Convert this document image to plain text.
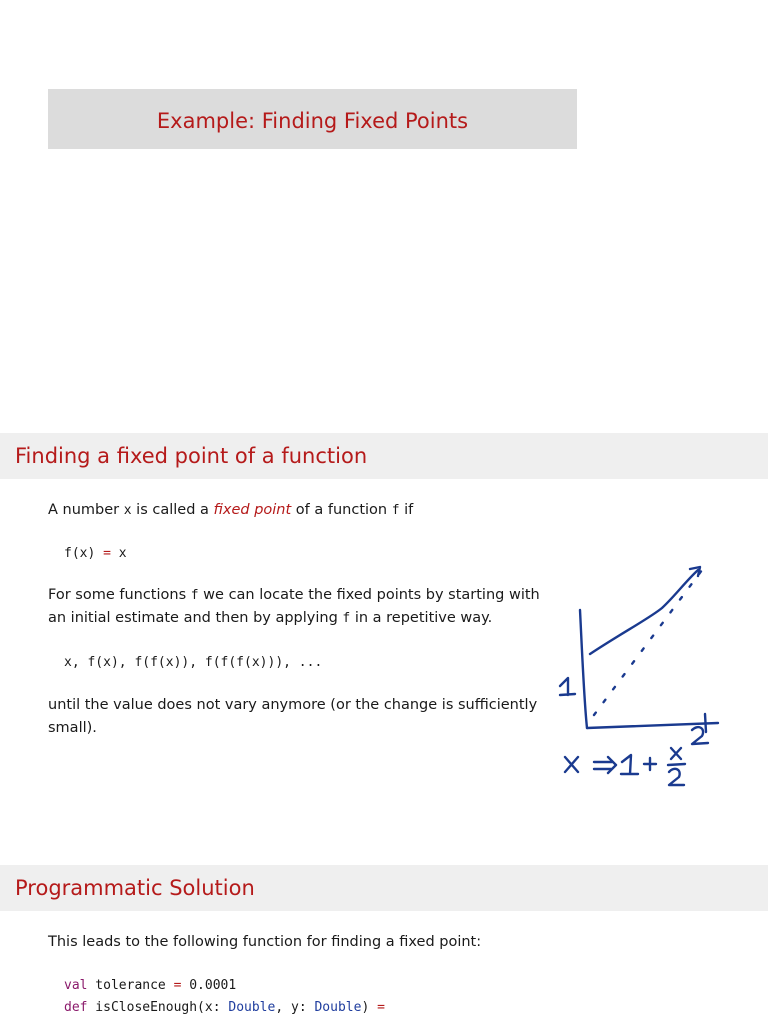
Example: Finding Fixed Points
Finding a fixed point of a function
A number x is called a fixed point of a function f if
f(x) = x
For some functions f we can locate the fixed points by starting with
an initial estimate and then by applying f in a repetitive way.
x, f(x), f(f(x)), f(f(f(x))), ...
until the value does not vary anymore (or the change is sufficiently
small).
Programmatic Solution
This leads to the following function for finding a fixed point:
val tolerance = 0.0001
def isCloseEnough(x: Double, y: Double) =
